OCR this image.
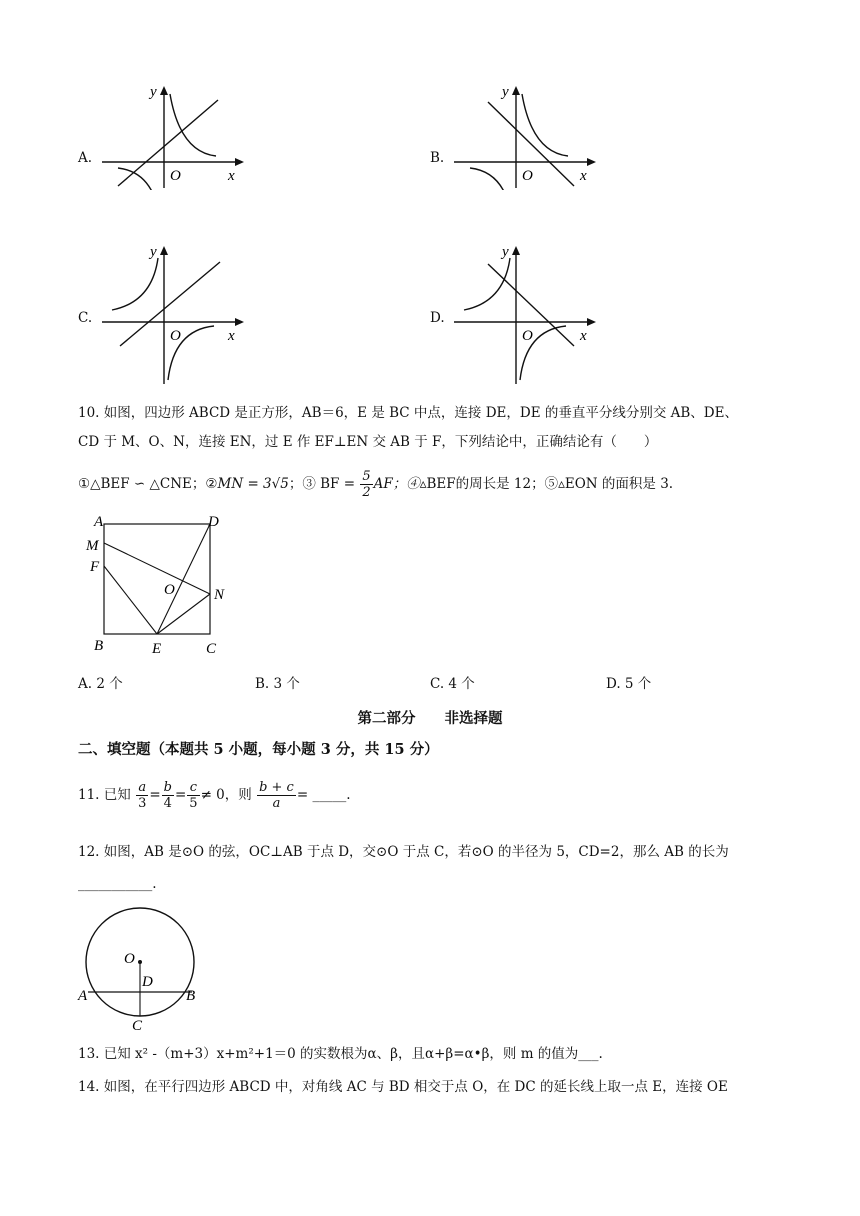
A.
y
x
O
B.
y
x
O
C.
y
x
O
D.
y
x
O
10. 如图，四边形 ABCD 是正方形，AB＝6，E 是 BC 中点，连接 DE，DE 的垂直平分线分别交 AB、DE、
CD 于 M、O、N，连接 EN，过 E 作 EF⊥EN 交 AB 于 F，下列结论中，正确结论有（　　）
①△BEF ∽ △CNE；②MN = 3√5；③ BF = $\frac{5}{2}$ AF；④▵BEF的周长是 12；⑤▵EON 的面积是 3.
A	D
M
F
O	N
B	E	C
A. 2 个	B. 3 个	C. 4 个	D. 5 个
第二部分　　非选择题
二、填空题（本题共 5 小题，每小题 3 分，共 15 分）
11. 已知 $\frac{a}{3} = \frac{b}{4} = \frac{c}{5} \ne 0$，则 $\frac{b + c}{a}$ = _____.
12. 如图，AB 是⊙O 的弦，OC⊥AB 于点 D，交⊙O 于点 C，若⊙O 的半径为 5，CD=2，那么 AB 的长为
___________.
O
D
A	B
C
13. 已知 x² -（m+3）x+m²+1＝0 的实数根为α、β，且α+β=α•β，则 m 的值为___.
14. 如图，在平行四边形 ABCD 中，对角线 AC 与 BD 相交于点 O，在 DC 的延长线上取一点 E，连接 OE
